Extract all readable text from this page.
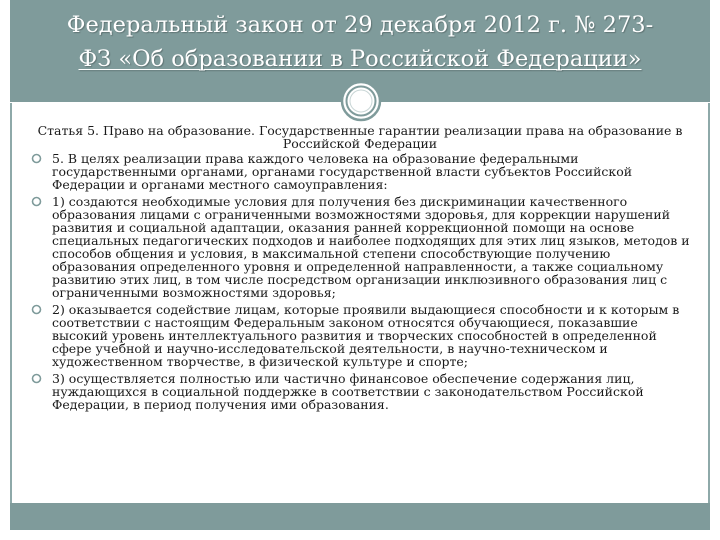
Федеральный закон от 29 декабря 2012 г. № 273-
ФЗ «Об образовании в Российской Федерации»
Статья 5. Право на образование. Государственные гарантии реализации права на образование в Российской Федерации
5. В целях реализации права каждого человека на образование федеральными государственными органами, органами государственной власти субъектов Российской Федерации и органами местного самоуправления:
1) создаются необходимые условия для получения без дискриминации качественного образования лицами с ограниченными возможностями здоровья, для коррекции нарушений развития и социальной адаптации, оказания ранней коррекционной помощи на основе специальных педагогических подходов и наиболее подходящих для этих лиц языков, методов и способов общения и условия, в максимальной степени способствующие получению образования определенного уровня и определенной направленности, а также социальному развитию этих лиц, в том числе посредством организации инклюзивного образования лиц с ограниченными возможностями здоровья;
2) оказывается содействие лицам, которые проявили выдающиеся способности и к которым в соответствии с настоящим Федеральным законом относятся обучающиеся, показавшие высокий уровень интеллектуального развития и творческих способностей в определенной сфере учебной и научно-исследовательской деятельности, в научно-техническом и художественном творчестве, в физической культуре и спорте;
3) осуществляется полностью или частично финансовое обеспечение содержания лиц, нуждающихся в социальной поддержке в соответствии с законодательством Российской Федерации, в период получения ими образования.
